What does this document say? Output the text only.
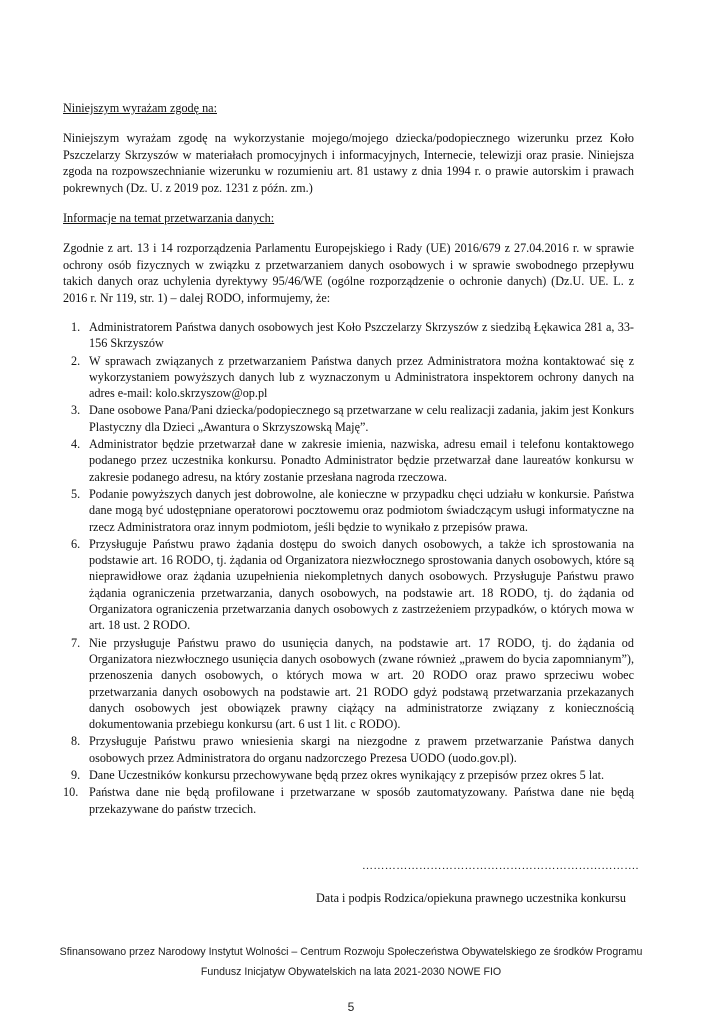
Niniejszym wyrażam zgodę na:

Niniejszym wyrażam zgodę na wykorzystanie mojego/mojego dziecka/podopiecznego wizerunku przez Koło Pszczelarzy Skrzyszów w materiałach promocyjnych i informacyjnych, Internecie, telewizji oraz prasie. Niniejsza zgoda na rozpowszechnianie wizerunku w rozumieniu art. 81 ustawy z dnia 1994 r. o prawie autorskim i prawach pokrewnych (Dz. U. z 2019 poz. 1231 z późn. zm.)

Informacje na temat przetwarzania danych:

Zgodnie z art. 13 i 14 rozporządzenia Parlamentu Europejskiego i Rady (UE) 2016/679 z 27.04.2016 r. w sprawie ochrony osób fizycznych w związku z przetwarzaniem danych osobowych i w sprawie swobodnego przepływu takich danych oraz uchylenia dyrektywy 95/46/WE (ogólne rozporządzenie o ochronie danych) (Dz.U. UE. L. z 2016 r. Nr 119, str. 1) – dalej RODO, informujemy, że:

1. Administratorem Państwa danych osobowych jest Koło Pszczelarzy Skrzyszów z siedzibą Łękawica 281 a, 33-156 Skrzyszów
2. W sprawach związanych z przetwarzaniem Państwa danych przez Administratora można kontaktować się z wykorzystaniem powyższych danych lub z wyznaczonym u Administratora inspektorem ochrony danych na adres e-mail: kolo.skrzyszow@op.pl
3. Dane osobowe Pana/Pani dziecka/podopiecznego są przetwarzane w celu realizacji zadania, jakim jest Konkurs Plastyczny dla Dzieci „Awantura o Skrzyszowską Maję”.
4. Administrator będzie przetwarzał dane w zakresie imienia, nazwiska, adresu email i telefonu kontaktowego podanego przez uczestnika konkursu. Ponadto Administrator będzie przetwarzał dane laureatów konkursu w zakresie podanego adresu, na który zostanie przesłana nagroda rzeczowa.
5. Podanie powyższych danych jest dobrowolne, ale konieczne w przypadku chęci udziału w konkursie. Państwa dane mogą być udostępniane operatorowi pocztowemu oraz podmiotom świadczącym usługi informatyczne na rzecz Administratora oraz innym podmiotom, jeśli będzie to wynikało z przepisów prawa.
6. Przysługuje Państwu prawo żądania dostępu do swoich danych osobowych, a także ich sprostowania na podstawie art. 16 RODO, tj. żądania od Organizatora niezwłocznego sprostowania danych osobowych, które są nieprawidłowe oraz żądania uzupełnienia niekompletnych danych osobowych. Przysługuje Państwu prawo żądania ograniczenia przetwarzania, danych osobowych, na podstawie art. 18 RODO, tj. do żądania od Organizatora ograniczenia przetwarzania danych osobowych z zastrzeżeniem przypadków, o których mowa w art. 18 ust. 2 RODO.
7. Nie przysługuje Państwu prawo do usunięcia danych, na podstawie art. 17 RODO, tj. do żądania od Organizatora niezwłocznego usunięcia danych osobowych (zwane również „prawem do bycia zapomnianym”), przenoszenia danych osobowych, o których mowa w art. 20 RODO oraz prawo sprzeciwu wobec przetwarzania danych osobowych na podstawie art. 21 RODO gdyż podstawą przetwarzania przekazanych danych osobowych jest obowiązek prawny ciążący na administratorze związany z koniecznością dokumentowania przebiegu konkursu (art. 6 ust 1 lit. c RODO).
8. Przysługuje Państwu prawo wniesienia skargi na niezgodne z prawem przetwarzanie Państwa danych osobowych przez Administratora do organu nadzorczego Prezesa UODO (uodo.gov.pl).
9. Dane Uczestników konkursu przechowywane będą przez okres wynikający z przepisów przez okres 5 lat.
10. Państwa dane nie będą profilowane i przetwarzane w sposób zautomatyzowany. Państwa dane nie będą przekazywane do państw trzecich.
……………………………………………………………….
Data i podpis Rodzica/opiekuna prawnego uczestnika konkursu
Sfinansowano przez Narodowy Instytut Wolności – Centrum Rozwoju Społeczeństwa Obywatelskiego ze środków Programu
Fundusz Inicjatyw Obywatelskich na lata 2021-2030 NOWE FIO
5
